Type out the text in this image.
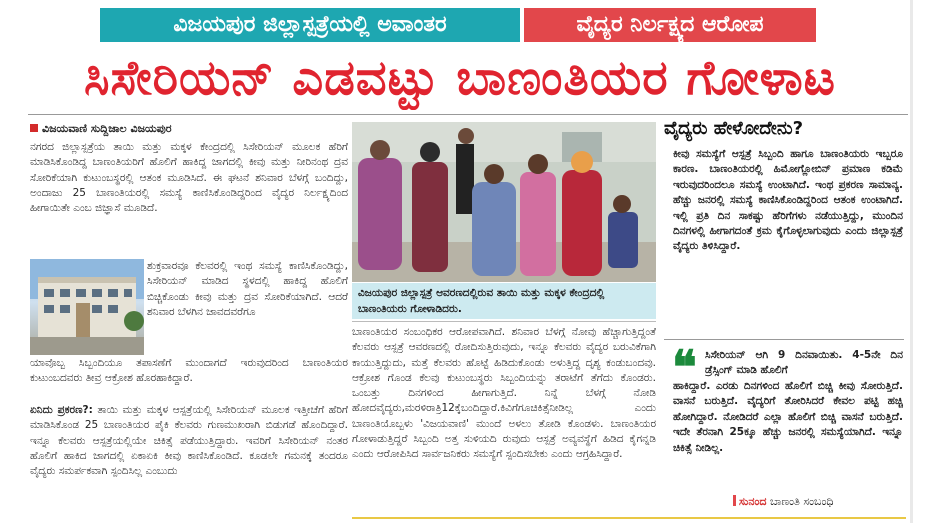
ವಿಜಯಪುರ ಜಿಲ್ಲಾಸ್ಪತ್ರೆಯಲ್ಲಿ ಅವಾಂತರ	ವೈದ್ಯರ ನಿರ್ಲಕ್ಷ್ಯದ ಆರೋಪ
ಸಿಸೇರಿಯನ್ ಎಡವಟ್ಟು ಬಾಣಂತಿಯರ ಗೋಳಾಟ
ವಿಜಯವಾಣಿ ಸುದ್ದಿಜಾಲ ವಿಜಯಪುರ
ನಗರದ ಜಿಲ್ಲಾಸ್ಪತ್ರೆಯ ತಾಯಿ ಮತ್ತು ಮಕ್ಕಳ ಕೇಂದ್ರದಲ್ಲಿ ಸಿಸೇರಿಯನ್ ಮೂಲಕ ಹೆರಿಗೆ ಮಾಡಿಸಿಕೊಂಡಿದ್ದ ಬಾಣಂತಿಯರಿಗೆ ಹೊಲಿಗೆ ಹಾಕಿದ್ದ ಜಾಗದಲ್ಲಿ ಕೀವು ಮತ್ತು ನೀರಿನಂಥ ದ್ರವ ಸೋರಿಕೆಯಾಗಿ ಕುಟುಂಬಸ್ಥರಲ್ಲಿ ಆತಂಕ ಮೂಡಿಸಿದೆ. ಈ ಘಟನೆ ಶನಿವಾರ ಬೆಳಗ್ಗೆ ಬಂದಿದ್ದು, ಅಂದಾಜು 25 ಬಾಣಂತಿಯರಲ್ಲಿ ಸಮಸ್ಯೆ ಕಾಣಿಸಿಕೊಂಡಿದ್ದರಿಂದ ವೈದ್ಯರ ನಿರ್ಲಕ್ಷ್ಯದಿಂದ ಹೀಗಾಯಿತೇ ಎಂಬ ಜಿಜ್ಞಾಸೆ ಮೂಡಿದೆ.
ಶುಕ್ರವಾರವೂ ಕೆಲವರಲ್ಲಿ ಇಂಥ ಸಮಸ್ಯೆ ಕಾಣಿಸಿಕೊಂಡಿದ್ದು, ಸಿಸೇರಿಯನ್ ಮಾಡಿದ ಸ್ಥಳದಲ್ಲಿ ಹಾಕಿದ್ದ ಹೊಲಿಗೆ ಬಿಚ್ಚಿಕೊಂಡು ಕೀವು ಮತ್ತು ದ್ರವ ಸೋರಿಕೆಯಾಗಿದೆ. ಆದರೆ ಶನಿವಾರ ಬೆಳಗಿನ ಜಾವದವರೆಗೂ
ಯಾವೊಬ್ಬ ಸಿಬ್ಬಂದಿಯೂ ತಪಾಸಣೆಗೆ ಮುಂದಾಗದೆ ಇರುವುದರಿಂದ ಬಾಣಂತಿಯರ ಕುಟುಂಬದವರು ತೀವ್ರ ಆಕ್ರೋಶ ಹೊರಹಾಕಿದ್ದಾರೆ.
ಏನಿದು ಪ್ರಕರಣ?: ತಾಯಿ ಮತ್ತು ಮಕ್ಕಳ ಆಸ್ಪತ್ರೆಯಲ್ಲಿ ಸಿಸೇರಿಯನ್ ಮೂಲಕ ಇತ್ತೀಚೆಗೆ ಹೆರಿಗೆ ಮಾಡಿಸಿಕೊಂಡ 25 ಬಾಣಂತಿಯರ ಪೈಕಿ ಕೆಲವರು ಗುಣಮುಖರಾಗಿ ಬಿಡುಗಡೆ ಹೊಂದಿದ್ದಾರೆ. ಇನ್ನೂ ಕೆಲವರು ಆಸ್ಪತ್ರೆಯಲ್ಲಿಯೇ ಚಿಕಿತ್ಸೆ ಪಡೆಯುತ್ತಿದ್ದಾರು. ಇವರಿಗೆ ಸಿಸೇರಿಯನ್ ನಂತರ ಹೊಲಿಗೆ ಹಾಕಿದ ಜಾಗದಲ್ಲಿ ಏಕಾಏಕಿ ಕೀವು ಕಾಣಿಸಿಕೊಂಡಿದೆ. ಕೂಡಲೇ ಗಮನಕ್ಕೆ ತಂದರೂ ವೈದ್ಯರು ಸಮರ್ಪಕವಾಗಿ ಸ್ಪಂದಿಸಿಲ್ಲ ಎಂಬುದು
ವಿಜಯಪುರ ಜಿಲ್ಲಾಸ್ಪತ್ರೆ ಆವರಣದಲ್ಲಿರುವ ತಾಯಿ ಮತ್ತು ಮಕ್ಕಳ ಕೇಂದ್ರದಲ್ಲಿ ಬಾಣಂತಿಯರು ಗೋಳಾಡಿದರು.
ಬಾಣಂತಿಯರ ಸಂಬಂಧಿಕರ ಆರೋಪವಾಗಿದೆ. ಶನಿವಾರ ಬೆಳಗ್ಗೆ ನೋವು ಹೆಚ್ಚಾಗುತ್ತಿದ್ದಂತೆ ಕೆಲವರು ಆಸ್ಪತ್ರೆ ಆವರಣದಲ್ಲಿ ರೋದಿಸುತ್ತಿರುವುದು, ಇನ್ನೂ ಕೆಲವರು ವೈದ್ಯರ ಬರುವಿಕೆಗಾಗಿ ಕಾಯುತ್ತಿದ್ದುದು, ಮತ್ತೆ ಕೆಲವರು ಹೊಟ್ಟೆ ಹಿಡಿದುಕೊಂಡು ಅಳುತ್ತಿದ್ದ ದೃಶ್ಯ ಕಂಡುಬಂದವು. ಆಕ್ರೋಶ ಗೊಂಡ ಕೆಲವು ಕುಟುಂಬಸ್ಥರು ಸಿಬ್ಬಂದಿಯನ್ನು ತರಾಟೆಗೆ ತೆಗೆದು ಕೊಂಡರು. ಒಂಬತ್ತು ದಿನಗಳಿಂದ ಹೀಗಾಗುತ್ತಿದೆ. ನಿನ್ನೆ ಬೆಳಗ್ಗೆ ನೋಡಿ ಹೋದವೈದ್ಯರು,ಮರಳಿರಾತ್ರಿ12ಕ್ಕೆಬಂದಿದ್ದಾರೆ.ಕಿವಿಗೆಗೂಚಿಕಿತ್ಸೆನೀಡಿಲ್ಲ ಎಂದು ಬಾಣಂತಿಯೊಬ್ಬಳು 'ವಿಜಯವಾಣಿ' ಮುಂದೆ ಅಳಲು ತೋಡಿ ಕೊಂಡಳು. ಬಾಣಂತಿಯರ ಗೋಳಾಡುತ್ತಿದ್ದರೆ ಸಿಬ್ಬಂದಿ ಅತ್ತ ಸುಳಿಯದಿ ರುವುದು ಆಸ್ಪತ್ರೆ ಅವ್ಯವಸ್ಥೆಗೆ ಹಿಡಿದ ಕೈಗನ್ನಡಿ ಎಂದು ಆರೋಪಿಸಿದ ಸಾರ್ವಜನಿಕರು ಸಮಸ್ಯೆಗೆ ಸ್ಪಂದಿಸಬೇಕು ಎಂದು ಆಗ್ರಹಿಸಿದ್ದಾರೆ.
ವೈದ್ಯರು ಹೇಳೋದೇನು?
ಕೀವು ಸಮಸ್ಯೆಗೆ ಆಸ್ಪತ್ರೆ ಸಿಬ್ಬಂದಿ ಹಾಗೂ ಬಾಣಂತಿಯರು ಇಬ್ಬರೂ ಕಾರಣ. ಬಾಣಂತಿಯರಲ್ಲಿ ಹಿಮೋಗ್ಲೋಬಿನ್ ಪ್ರಮಾಣ ಕಡಿಮೆ ಇರುವುದರಿಂದಲೂ ಸಮಸ್ಯೆ ಉಂಟಾಗಿದೆ. ಇಂಥ ಪ್ರಕರಣ ಸಾಮಾನ್ಯ. ಹೆಚ್ಚು ಜನರಲ್ಲಿ ಸಮಸ್ಯೆ ಕಾಣಿಸಿಕೊಂಡಿದ್ದರಿಂದ ಆತಂಕ ಉಂಟಾಗಿದೆ. ಇಲ್ಲಿ ಪ್ರತಿ ದಿನ ಸಾಕಷ್ಟು ಹೆರಿಗೆಗಳು ನಡೆಯುತ್ತಿದ್ದು, ಮುಂದಿನ ದಿನಗಳಲ್ಲಿ ಹೀಗಾಗದಂತೆ ಕ್ರಮ ಕೈಗೊಳ್ಳಲಾಗುವುದು ಎಂದು ಜಿಲ್ಲಾಸ್ಪತ್ರೆ ವೈದ್ಯರು ತಿಳಿಸಿದ್ದಾರೆ.
❝ ಸಿಸೇರಿಯನ್ ಆಗಿ 9 ದಿನವಾಯಿತು. 4-5ನೇ ದಿನ ಡ್ರೆಸ್ಸಿಂಗ್ ಮಾಡಿ ಹೊಲಿಗೆ
ಹಾಕಿದ್ದಾರೆ. ಎರಡು ದಿನಗಳಿಂದ ಹೊಲಿಗೆ ಬಿಚ್ಚಿ ಕೀವು ಸೋರುತ್ತಿದೆ. ವಾಸನೆ ಬರುತ್ತಿದೆ. ವೈದ್ಯರಿಗೆ ತೋರಿಸಿದರೆ ಕೇವಲ ಪಟ್ಟಿ ಹಚ್ಚಿ ಹೋಗಿದ್ದಾರೆ. ನೋಡಿದರೆ ಎಲ್ಲಾ ಹೊಲಿಗೆ ಬಿಚ್ಚಿ ವಾಸನೆ ಬರುತ್ತಿದೆ. ಇದೇ ತೆರನಾಗಿ 25ಕ್ಕೂ ಹೆಚ್ಚು ಜನರಲ್ಲಿ ಸಮಸ್ಯೆಯಾಗಿದೆ. ಇನ್ನೂ ಚಿಕಿತ್ಸೆ ನೀಡಿಲ್ಲ.
ಸುನಂದ ಬಾಣಂತಿ ಸಂಬಂಧಿ
